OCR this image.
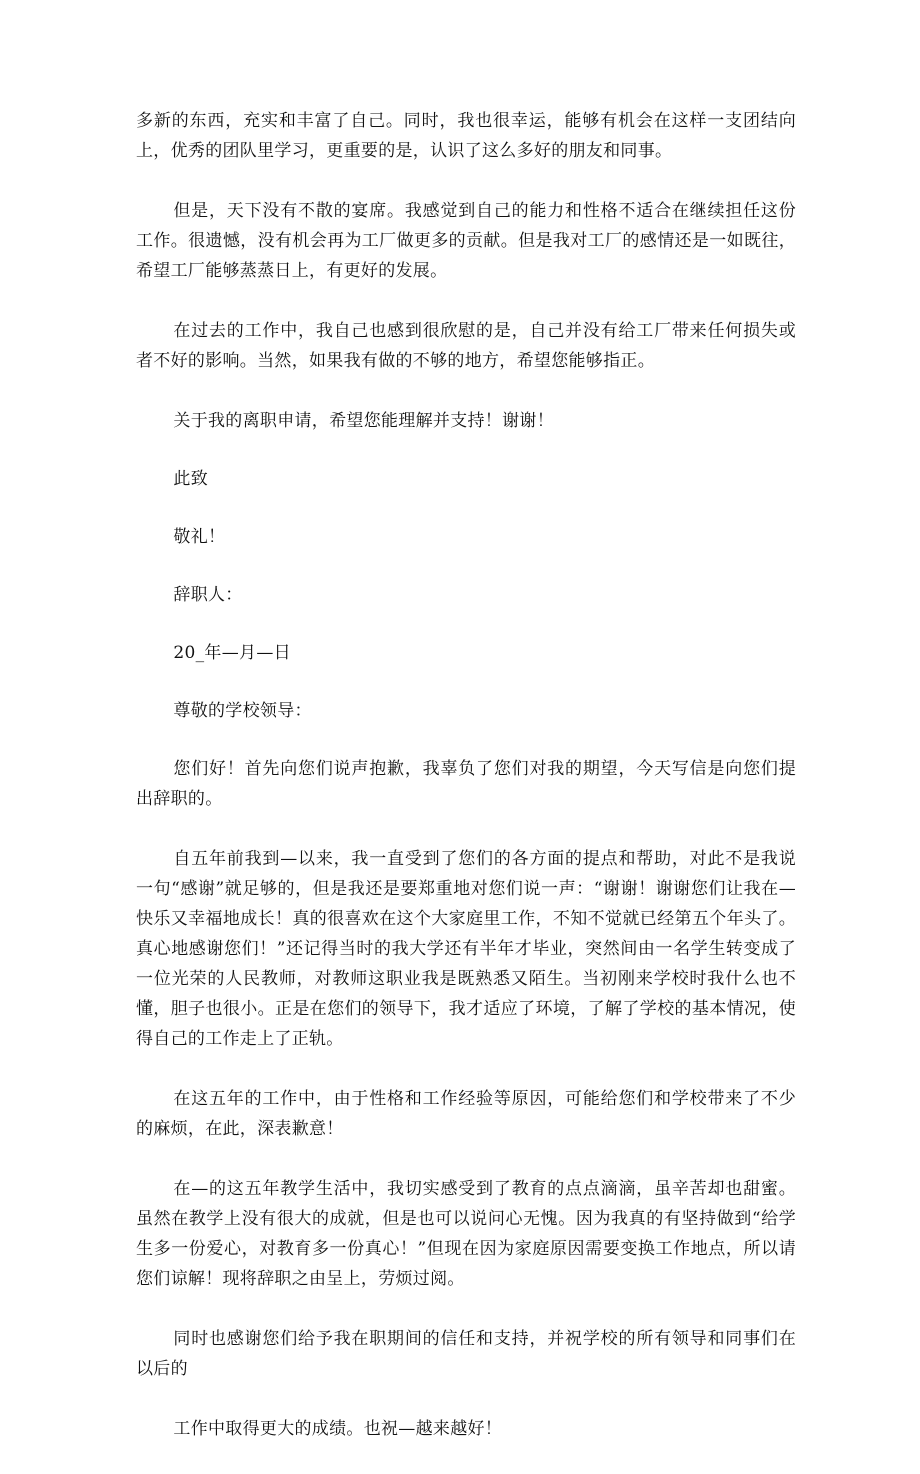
多新的东西，充实和丰富了自己。同时，我也很幸运，能够有机会在这样一支团结向上，优秀的团队里学习，更重要的是，认识了这么多好的朋友和同事。

但是，天下没有不散的宴席。我感觉到自己的能力和性格不适合在继续担任这份工作。很遗憾，没有机会再为工厂做更多的贡献。但是我对工厂的感情还是一如既往，希望工厂能够蒸蒸日上，有更好的发展。

在过去的工作中，我自己也感到很欣慰的是，自己并没有给工厂带来任何损失或者不好的影响。当然，如果我有做的不够的地方，希望您能够指正。

关于我的离职申请，希望您能理解并支持！谢谢！

此致

敬礼！

辞职人：

20_年—月—日

尊敬的学校领导：

您们好！首先向您们说声抱歉，我辜负了您们对我的期望，今天写信是向您们提出辞职的。

自五年前我到—以来，我一直受到了您们的各方面的提点和帮助，对此不是我说一句“感谢”就足够的，但是我还是要郑重地对您们说一声：“谢谢！谢谢您们让我在—快乐又幸福地成长！真的很喜欢在这个大家庭里工作，不知不觉就已经第五个年头了。真心地感谢您们！”还记得当时的我大学还有半年才毕业，突然间由一名学生转变成了一位光荣的人民教师，对教师这职业我是既熟悉又陌生。当初刚来学校时我什么也不懂，胆子也很小。正是在您们的领导下，我才适应了环境，了解了学校的基本情况，使得自己的工作走上了正轨。

在这五年的工作中，由于性格和工作经验等原因，可能给您们和学校带来了不少的麻烦，在此，深表歉意！

在—的这五年教学生活中，我切实感受到了教育的点点滴滴，虽辛苦却也甜蜜。虽然在教学上没有很大的成就，但是也可以说问心无愧。因为我真的有坚持做到“给学生多一份爱心，对教育多一份真心！”但现在因为家庭原因需要变换工作地点，所以请您们谅解！现将辞职之由呈上，劳烦过阅。

同时也感谢您们给予我在职期间的信任和支持，并祝学校的所有领导和同事们在以后的

工作中取得更大的成绩。也祝—越来越好！
